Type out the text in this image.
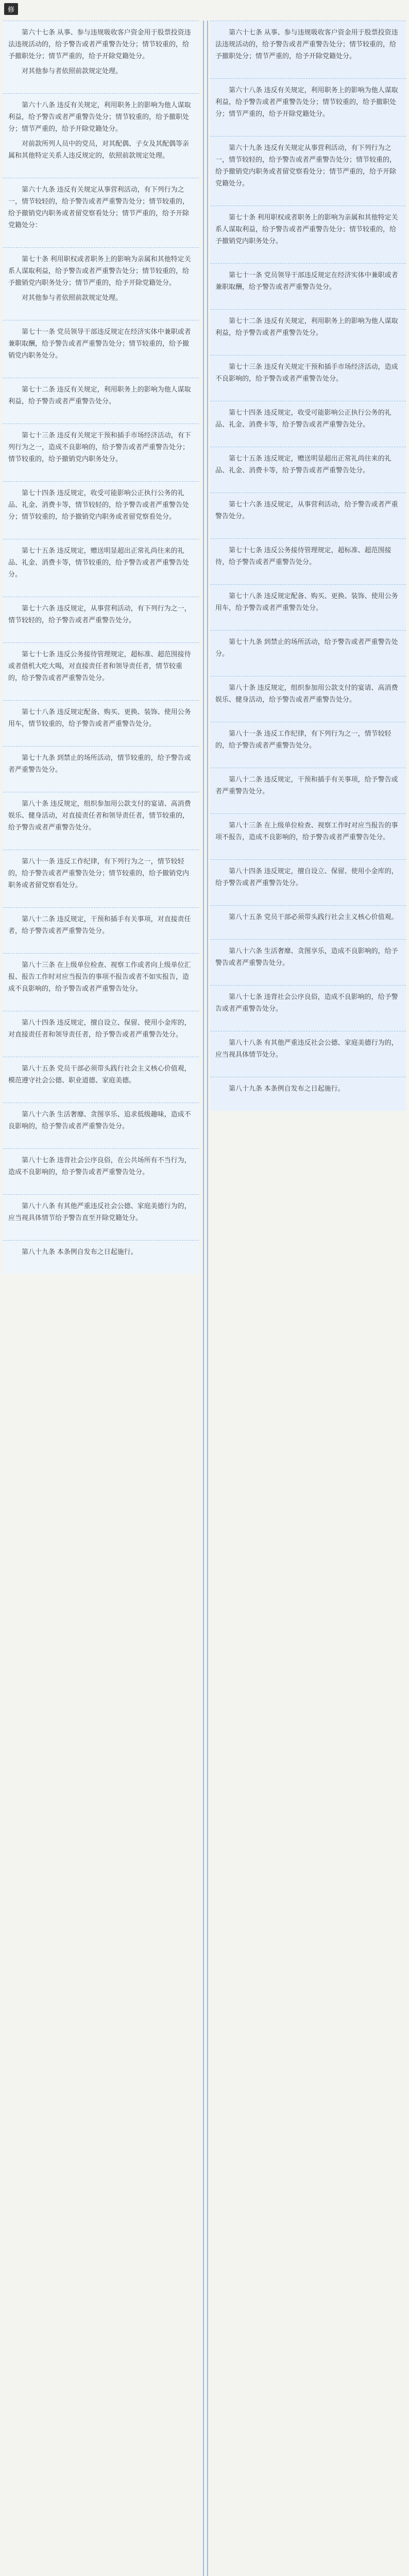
修

第六十七条 从事、参与违规吸收客户资金用于股票投资违法违规活动的，给予警告或者严重警告处分；情节较重的，给予撤职处分；情节严重的，给予开除党籍处分。

对其他参与者依照前款规定处理。

第六十八条 违反有关规定，利用职务上的影响为他人谋取利益，给予警告或者严重警告处分；情节较重的，给予撤职处分；情节严重的，给予开除党籍处分。

对前款所列人员中的党员，对其配偶、子女及其配偶等亲属和其他特定关系人违反规定的，依照前款规定处理。

第六十九条 违反有关规定从事营利活动，有下列行为之一，情节较轻的，给予警告或者严重警告处分；情节较重的，给予撤销党内职务或者留党察看处分；情节严重的，给予开除党籍处分：

第七十条 利用职权或者职务上的影响为亲属和其他特定关系人谋取利益，给予警告或者严重警告处分；情节较重的，给予撤销党内职务处分；情节严重的，给予开除党籍处分。

对其他参与者依照前款规定处理。

第七十一条 党员领导干部违反规定在经济实体中兼职或者兼职取酬，给予警告或者严重警告处分；情节较重的，给予撤销党内职务处分。

第七十二条 违反有关规定，利用职务上的影响为他人谋取利益，给予警告或者严重警告处分。

第七十三条 违反有关规定干预和插手市场经济活动，有下列行为之一，造成不良影响的，给予警告或者严重警告处分；情节较重的，给予撤销党内职务处分。

第七十四条 违反规定，收受可能影响公正执行公务的礼品、礼金、消费卡等，情节较轻的，给予警告或者严重警告处分；情节较重的，给予撤销党内职务或者留党察看处分。

第七十五条 违反规定，赠送明显超出正常礼尚往来的礼品、礼金、消费卡等，情节较重的，给予警告或者严重警告处分。

第七十六条 违反规定，从事营利活动，有下列行为之一，情节较轻的，给予警告或者严重警告处分。

第七十七条 违反公务接待管理规定，超标准、超范围接待或者借机大吃大喝，对直接责任者和领导责任者，情节较重的，给予警告或者严重警告处分。

第七十八条 违反规定配备、购买、更换、装饰、使用公务用车，情节较重的，给予警告或者严重警告处分。

第七十九条 到禁止的场所活动，情节较重的，给予警告或者严重警告处分。

第八十条 违反规定，组织参加用公款支付的宴请、高消费娱乐、健身活动，对直接责任者和领导责任者，情节较重的，给予警告或者严重警告处分。

第八十一条 违反工作纪律，有下列行为之一，情节较轻的，给予警告或者严重警告处分；情节较重的，给予撤销党内职务或者留党察看处分。

第八十二条 违反规定，干预和插手有关事项，对直接责任者，给予警告或者严重警告处分。

第八十三条 在上级单位检查、视察工作或者向上级单位汇报、报告工作时对应当报告的事项不报告或者不如实报告，造成不良影响的，给予警告或者严重警告处分。

第八十四条 违反规定，擅自设立、保留、使用小金库的，对直接责任者和领导责任者，给予警告或者严重警告处分。

第八十五条 党员干部必须带头践行社会主义核心价值观，模范遵守社会公德、职业道德、家庭美德。

第八十六条 生活奢靡、贪图享乐、追求低级趣味，造成不良影响的，给予警告或者严重警告处分。

第八十七条 违背社会公序良俗，在公共场所有不当行为，造成不良影响的，给予警告或者严重警告处分。

第八十八条 有其他严重违反社会公德、家庭美德行为的，应当视具体情节给予警告直至开除党籍处分。

第八十九条 本条例自发布之日起施行。

第六十七条 从事、参与违规吸收客户资金用于股票投资违法违规活动的，给予警告或者严重警告处分；情节较重的，给予撤职处分；情节严重的，给予开除党籍处分。

第六十八条 违反有关规定，利用职务上的影响为他人谋取利益，给予警告或者严重警告处分；情节较重的，给予撤职处分；情节严重的，给予开除党籍处分。

第六十九条 违反有关规定从事营利活动，有下列行为之一，情节较轻的，给予警告或者严重警告处分；情节较重的，给予撤销党内职务或者留党察看处分；情节严重的，给予开除党籍处分。

第七十条 利用职权或者职务上的影响为亲属和其他特定关系人谋取利益，给予警告或者严重警告处分；情节较重的，给予撤销党内职务处分。

第七十一条 党员领导干部违反规定在经济实体中兼职或者兼职取酬，给予警告或者严重警告处分。

第七十二条 违反有关规定，利用职务上的影响为他人谋取利益，给予警告或者严重警告处分。

第七十三条 违反有关规定干预和插手市场经济活动，造成不良影响的，给予警告或者严重警告处分。

第七十四条 违反规定，收受可能影响公正执行公务的礼品、礼金、消费卡等，给予警告或者严重警告处分。

第七十五条 违反规定，赠送明显超出正常礼尚往来的礼品、礼金、消费卡等，给予警告或者严重警告处分。

第七十六条 违反规定，从事营利活动，给予警告或者严重警告处分。

第七十七条 违反公务接待管理规定，超标准、超范围接待，给予警告或者严重警告处分。

第七十八条 违反规定配备、购买、更换、装饰、使用公务用车，给予警告或者严重警告处分。

第七十九条 到禁止的场所活动，给予警告或者严重警告处分。

第八十条 违反规定，组织参加用公款支付的宴请、高消费娱乐、健身活动，给予警告或者严重警告处分。

第八十一条 违反工作纪律，有下列行为之一，情节较轻的，给予警告或者严重警告处分。

第八十二条 违反规定，干预和插手有关事项，给予警告或者严重警告处分。

第八十三条 在上级单位检查、视察工作时对应当报告的事项不报告，造成不良影响的，给予警告或者严重警告处分。

第八十四条 违反规定，擅自设立、保留、使用小金库的，给予警告或者严重警告处分。

第八十五条 党员干部必须带头践行社会主义核心价值观。

第八十六条 生活奢靡、贪图享乐，造成不良影响的，给予警告或者严重警告处分。

第八十七条 违背社会公序良俗，造成不良影响的，给予警告或者严重警告处分。

第八十八条 有其他严重违反社会公德、家庭美德行为的，应当视具体情节处分。

第八十九条 本条例自发布之日起施行。
